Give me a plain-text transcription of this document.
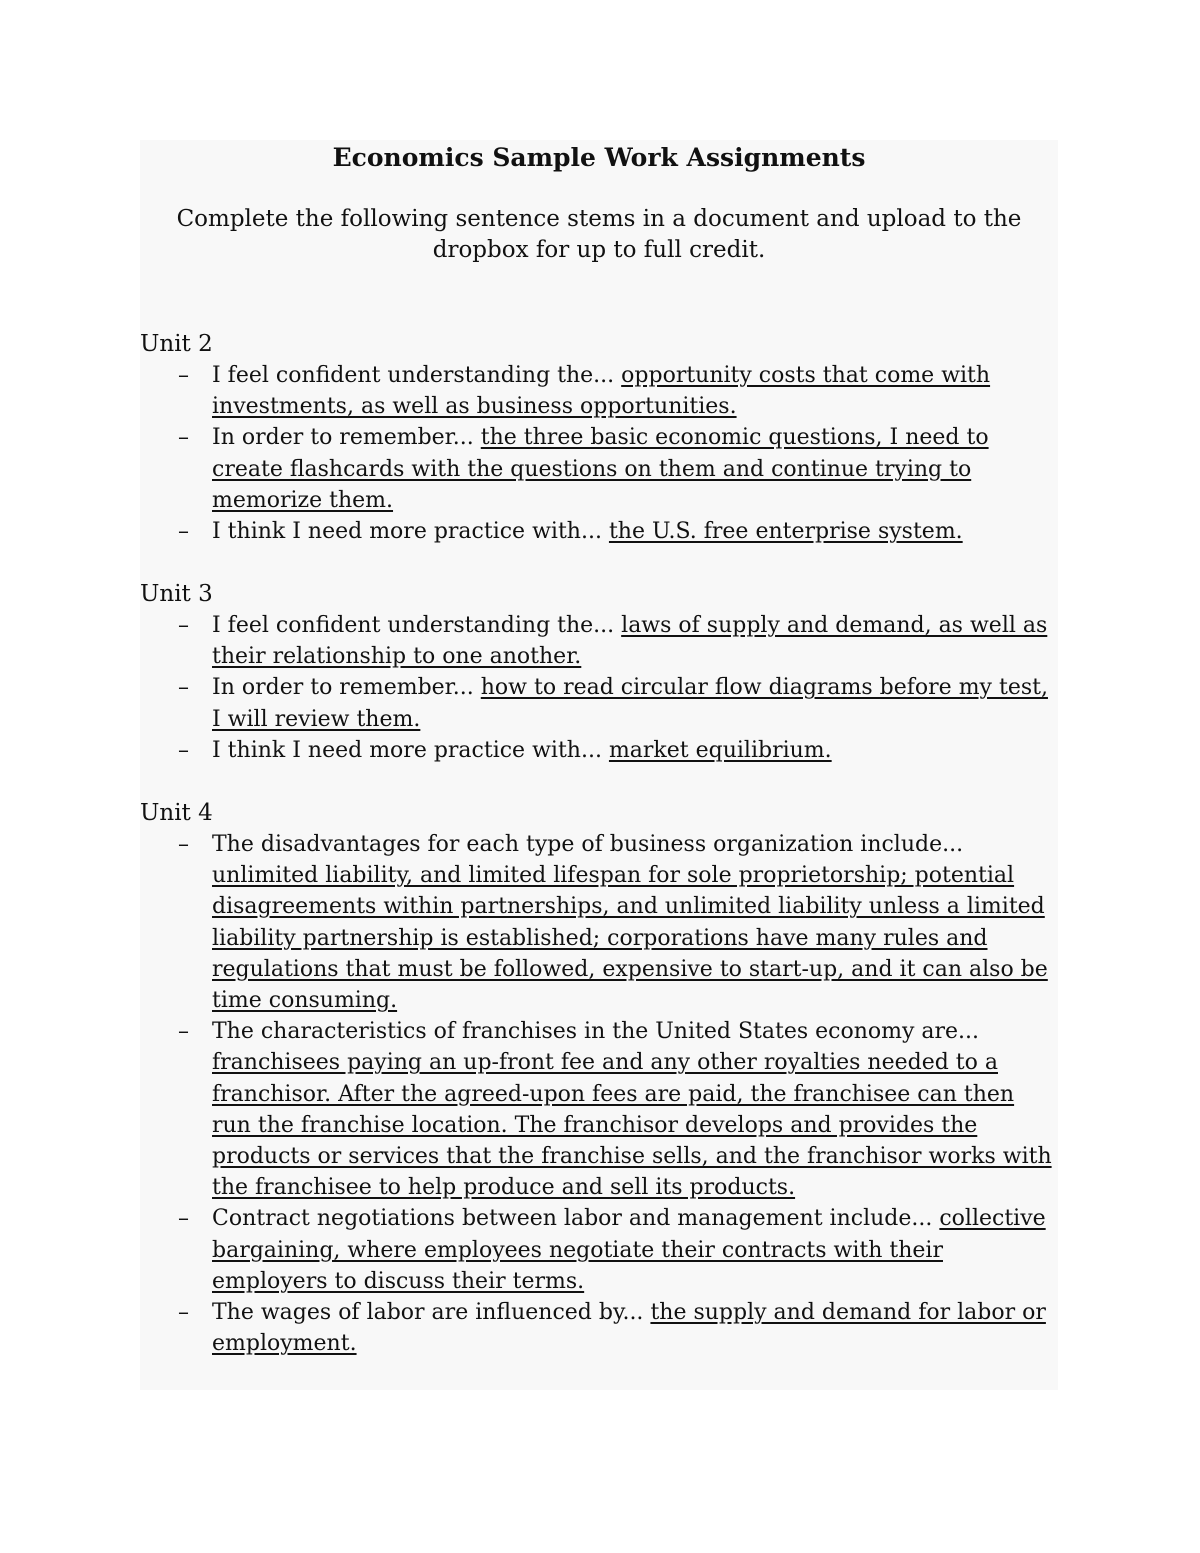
Economics Sample Work Assignments

Complete the following sentence stems in a document and upload to the dropbox for up to full credit.

Unit 2

– I feel confident understanding the... opportunity costs that come with investments, as well as business opportunities.
– In order to remember... the three basic economic questions, I need to create flashcards with the questions on them and continue trying to memorize them.
– I think I need more practice with... the U.S. free enterprise system.

Unit 3

– I feel confident understanding the... laws of supply and demand, as well as their relationship to one another.
– In order to remember... how to read circular flow diagrams before my test, I will review them.
– I think I need more practice with... market equilibrium.

Unit 4

– The disadvantages for each type of business organization include... unlimited liability, and limited lifespan for sole proprietorship; potential disagreements within partnerships, and unlimited liability unless a limited liability partnership is established; corporations have many rules and regulations that must be followed, expensive to start-up, and it can also be time consuming.
– The characteristics of franchises in the United States economy are... franchisees paying an up-front fee and any other royalties needed to a franchisor. After the agreed-upon fees are paid, the franchisee can then run the franchise location. The franchisor develops and provides the products or services that the franchise sells, and the franchisor works with the franchisee to help produce and sell its products.
– Contract negotiations between labor and management include... collective bargaining, where employees negotiate their contracts with their employers to discuss their terms.
– The wages of labor are influenced by... the supply and demand for labor or employment.
